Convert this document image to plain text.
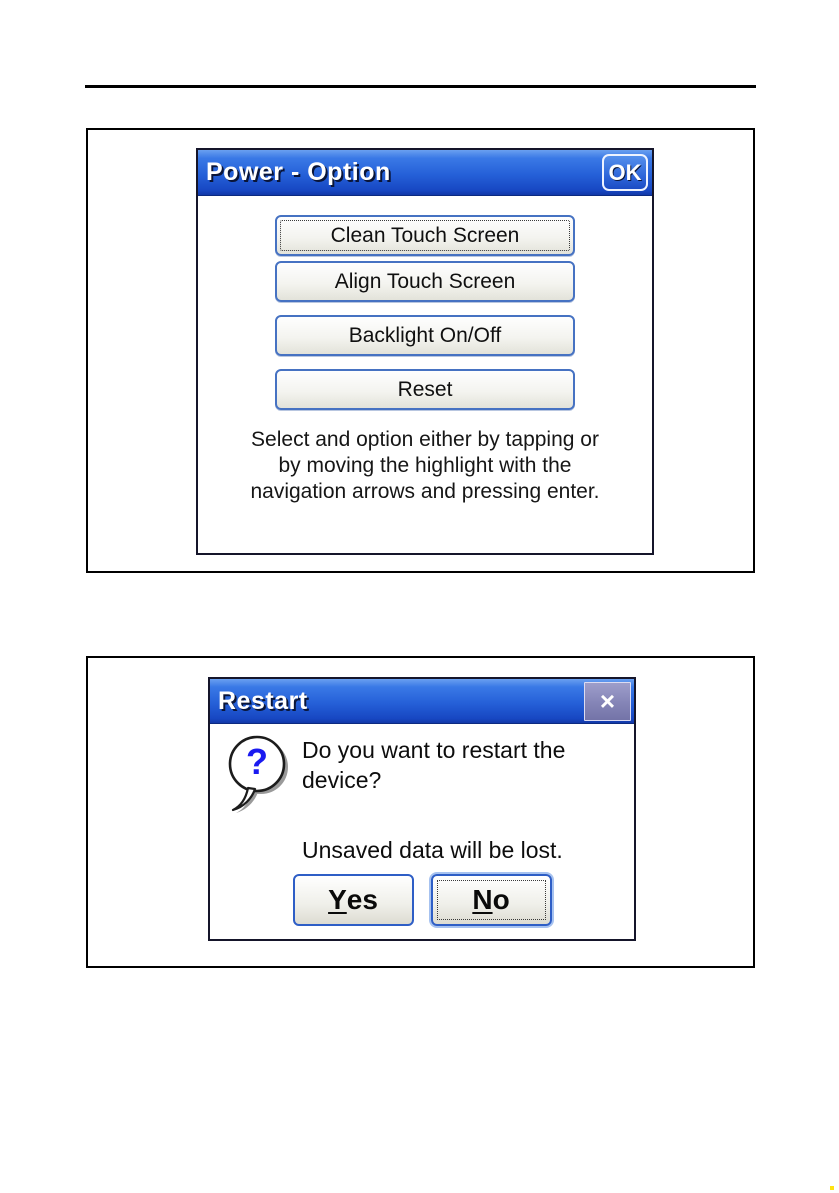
Power - Option	OK
Clean Touch Screen
Align Touch Screen
Backlight On/Off
Reset
Select and option either by tapping or
by moving the highlight with the
navigation arrows and pressing enter.
Restart	×
? Do you want to restart the device?
Unsaved data will be lost.
Y es	N o
